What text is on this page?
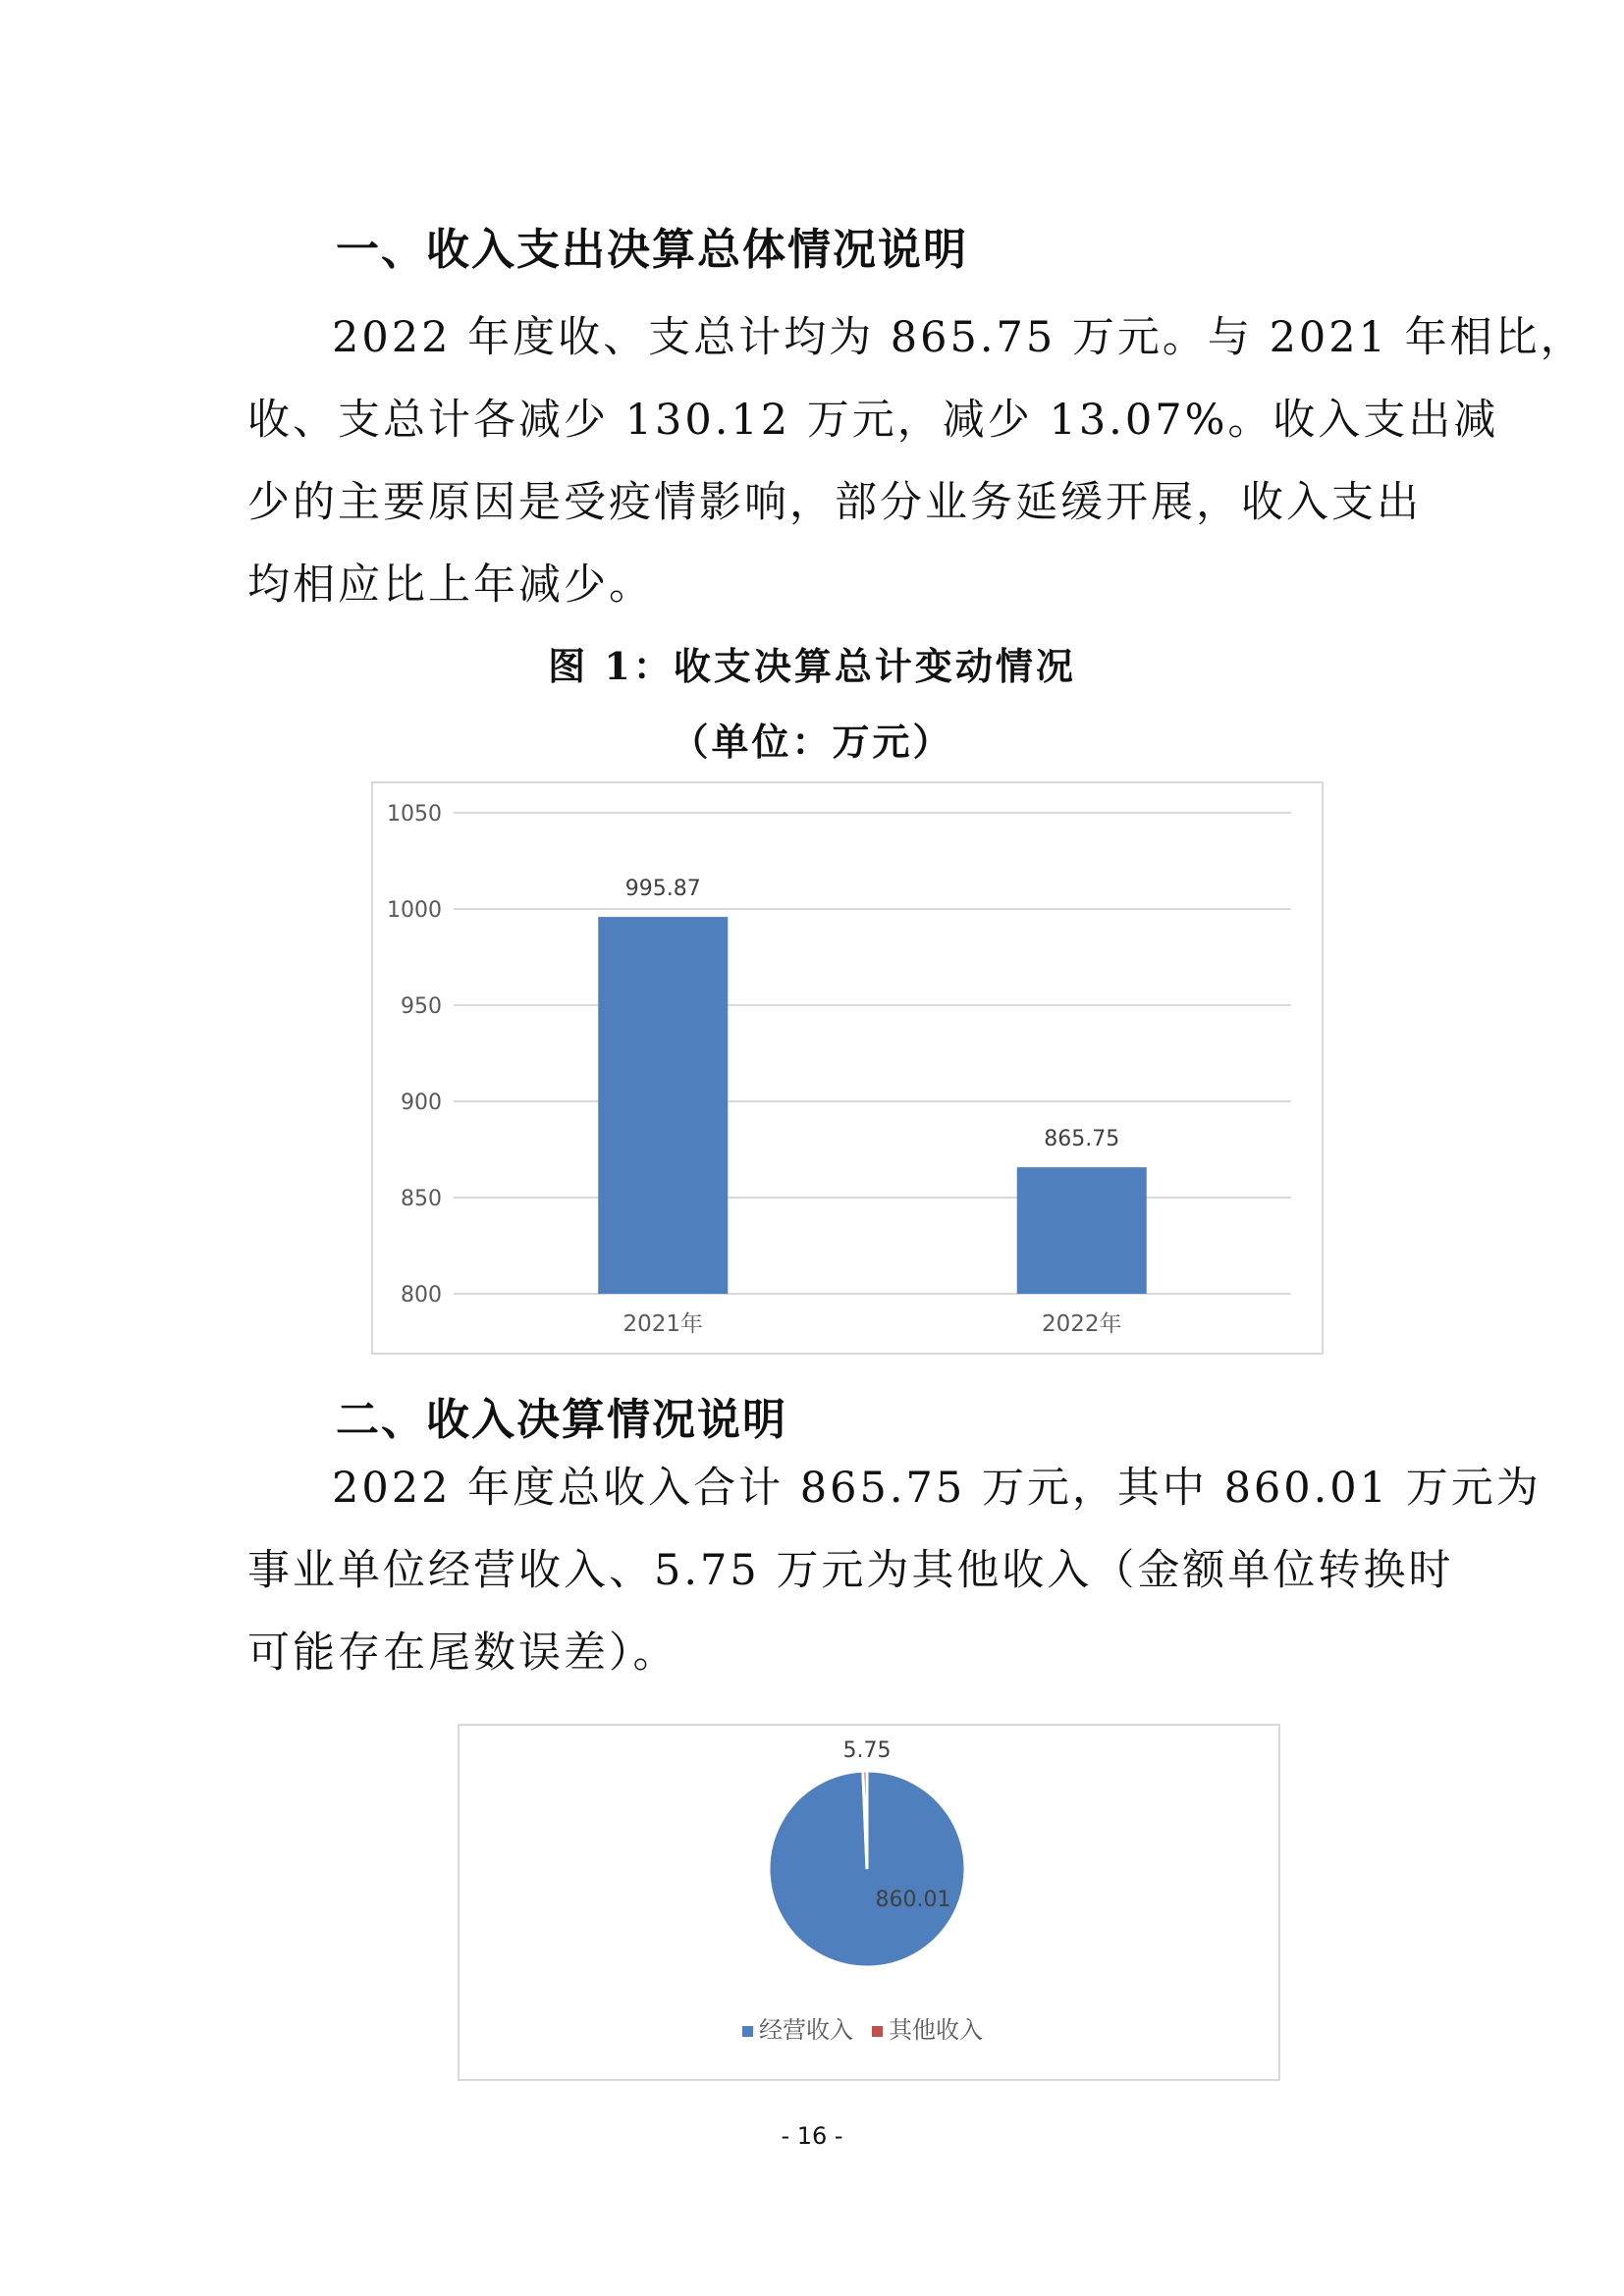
一、收入支出决算总体情况说明

2022 年度收、支总计均为 865.75 万元。与 2021 年相比，

收、支总计各减少 130.12 万元，减少 13.07%。收入支出减

少的主要原因是受疫情影响，部分业务延缓开展，收入支出

均相应比上年减少。

图 1：收支决算总计变动情况
（单位：万元）
800
850
900
950
1000
1050
995.87
2021年
865.75
2022年
二、收入决算情况说明

2022 年度总收入合计 865.75 万元，其中 860.01 万元为

事业单位经营收入、5.75 万元为其他收入（金额单位转换时

可能存在尾数误差）。

860.01
5.75
经营收入 其他收入
- 16 -
